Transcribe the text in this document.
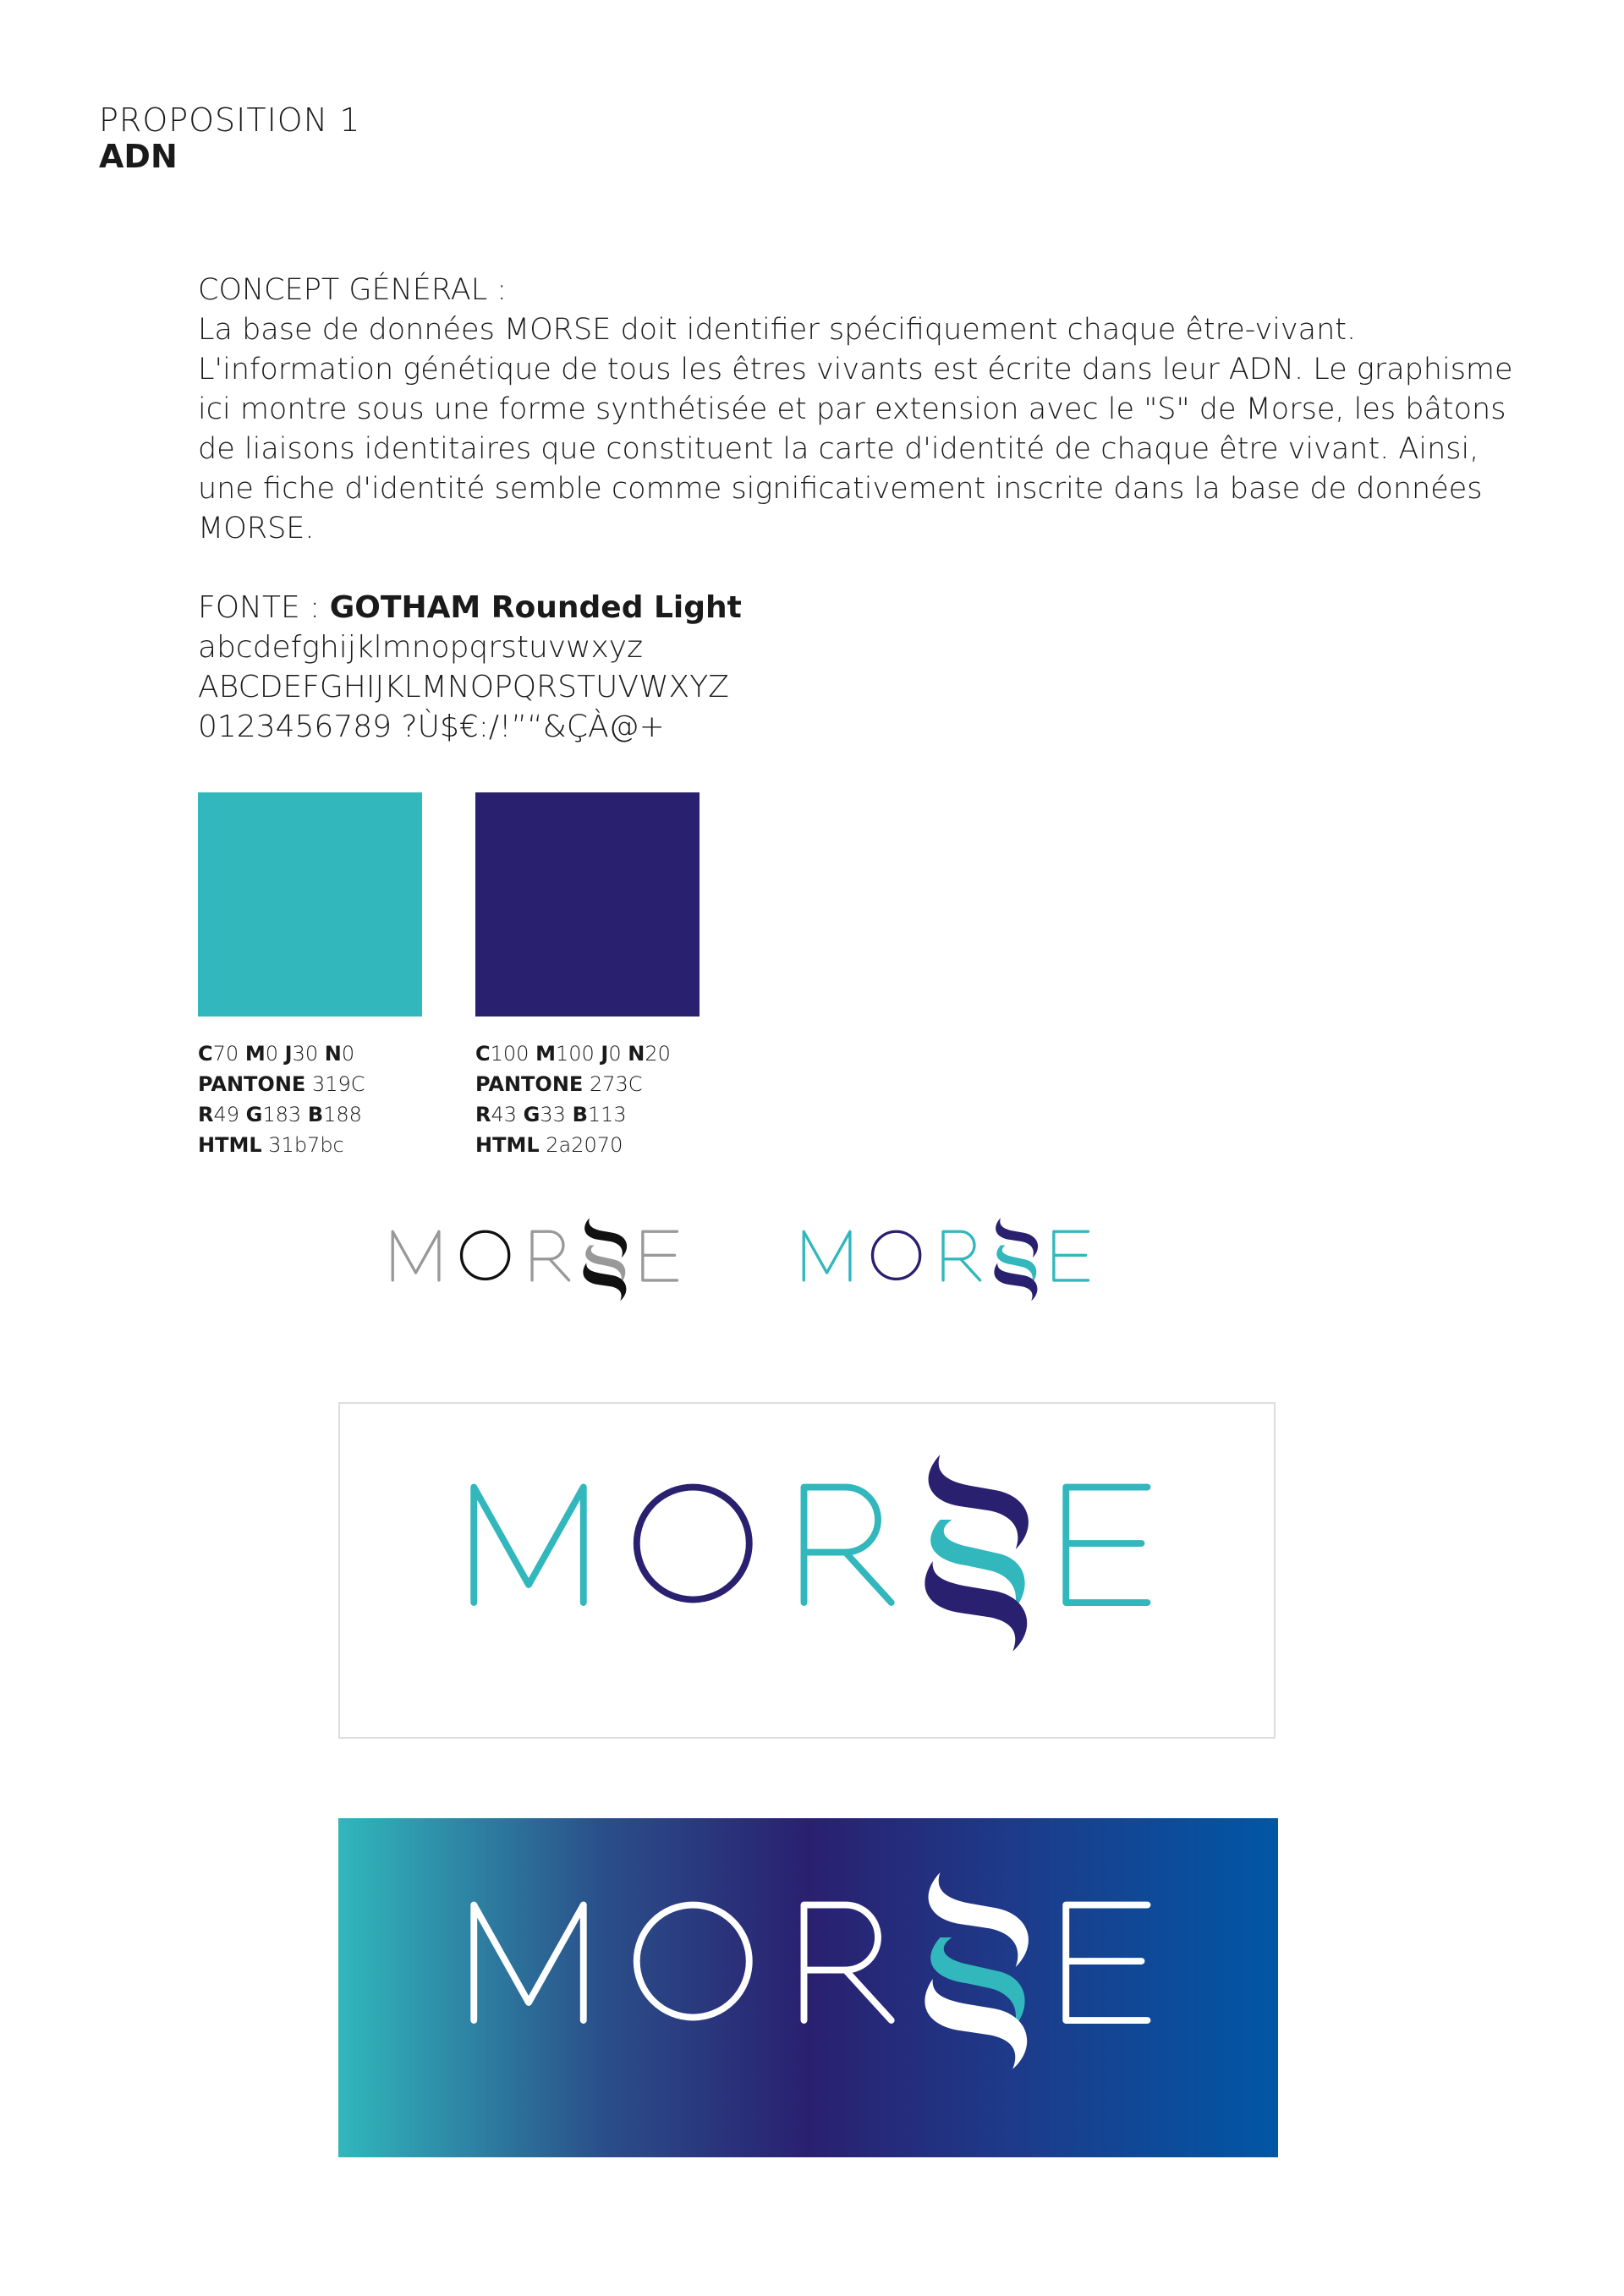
PROPOSITION 1
ADN
CONCEPT GÉNÉRAL :
La base de données MORSE doit identifier spécifiquement chaque être-vivant. L'information génétique de tous les êtres vivants est écrite dans leur ADN. Le graphisme ici montre sous une forme synthétisée et par extension avec le "S" de Morse, les bâtons de liaisons identitaires que constituent la carte d'identité de chaque être vivant. Ainsi, une fiche d'identité semble comme significativement inscrite dans la base de données MORSE.
FONTE : GOTHAM Rounded Light
abcdefghijklmnopqrstuvwxyz
ABCDEFGHIJKLMNOPQRSTUVWXYZ
0123456789 ?Ù$€:/!”“&ÇÀ@+
C70 M0 J30 N0
PANTONE 319C
R49 G183 B188
HTML 31b7bc
C100 M100 J0 N20
PANTONE 273C
R43 G33 B113
HTML 2a2070
